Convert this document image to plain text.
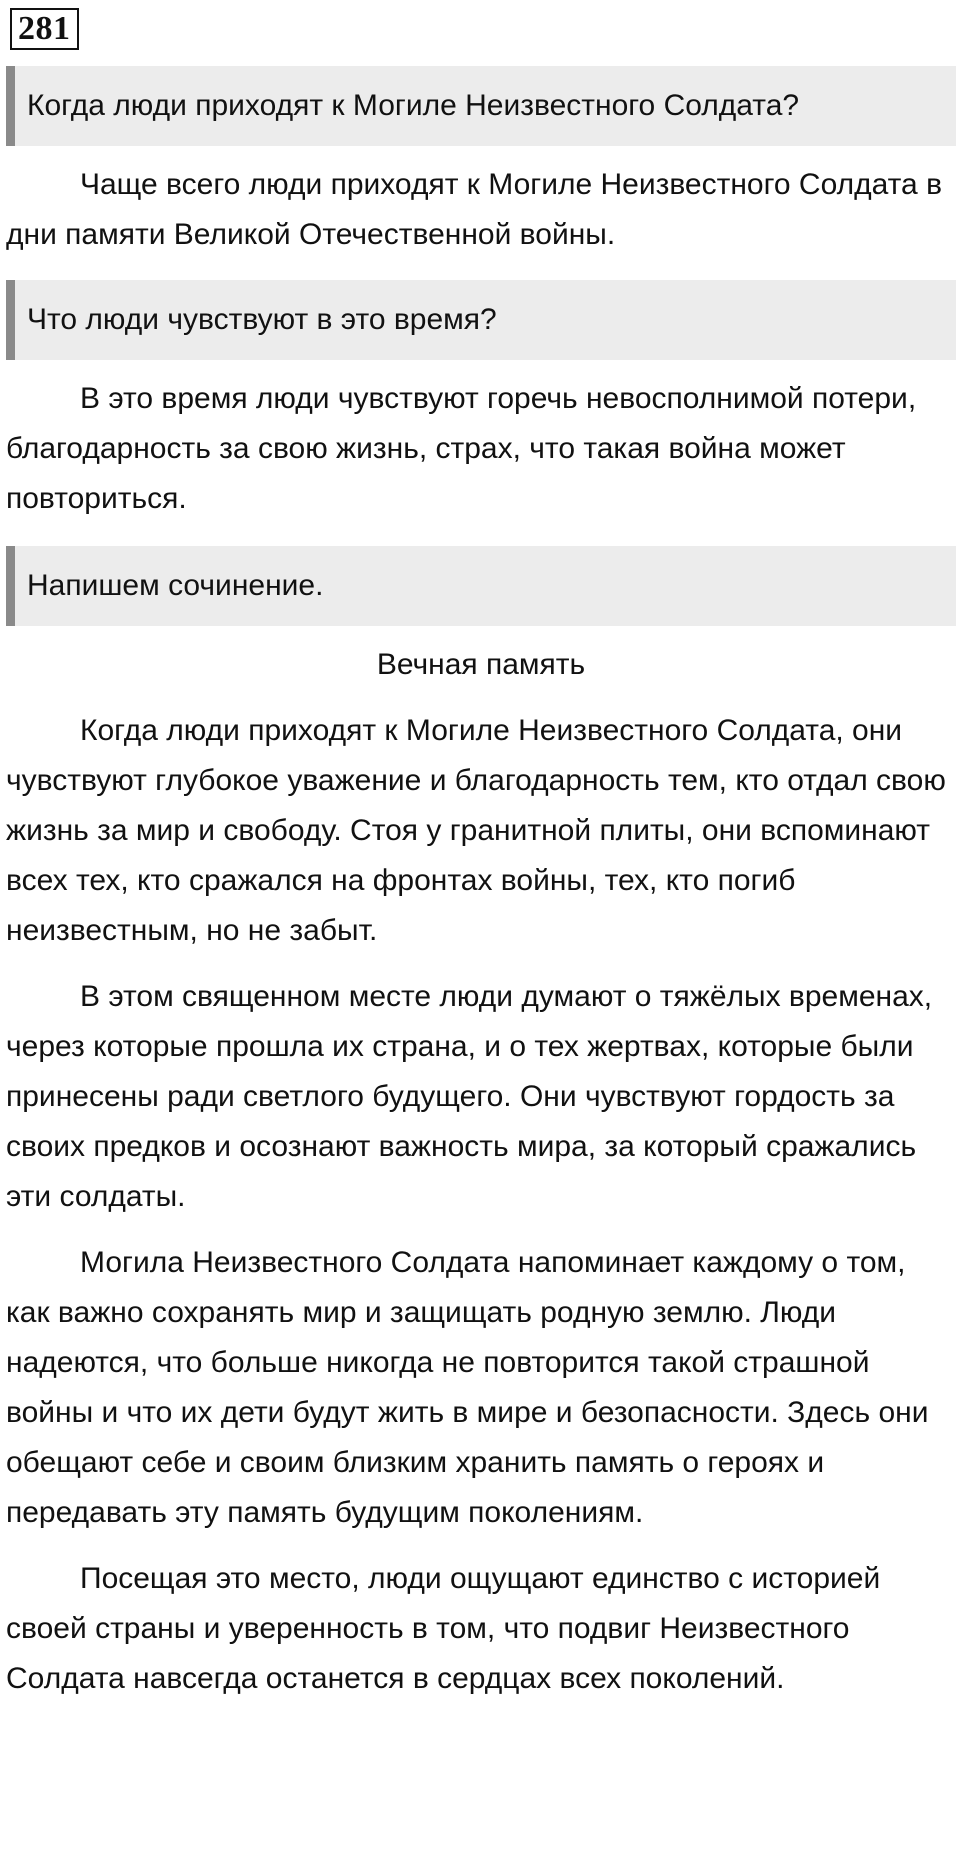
281
Когда люди приходят к Могиле Неизвестного Солдата?

Чаще всего люди приходят к Могиле Неизвестного Солдата в дни памяти Великой Отечественной войны.

Что люди чувствуют в это время?

В это время люди чувствуют горечь невосполнимой потери, благодарность за свою жизнь, страх, что такая война может повториться.

Напишем сочинение.
Вечная память

Когда люди приходят к Могиле Неизвестного Солдата, они чувствуют глубокое уважение и благодарность тем, кто отдал свою жизнь за мир и свободу. Стоя у гранитной плиты, они вспоминают всех тех, кто сражался на фронтах войны, тех, кто погиб неизвестным, но не забыт.

В этом священном месте люди думают о тяжёлых временах, через которые прошла их страна, и о тех жертвах, которые были принесены ради светлого будущего. Они чувствуют гордость за своих предков и осознают важность мира, за который сражались эти солдаты.

Могила Неизвестного Солдата напоминает каждому о том, как важно сохранять мир и защищать родную землю. Люди надеются, что больше никогда не повторится такой страшной войны и что их дети будут жить в мире и безопасности. Здесь они обещают себе и своим близким хранить память о героях и передавать эту память будущим поколениям.

Посещая это место, люди ощущают единство с историей своей страны и уверенность в том, что подвиг Неизвестного Солдата навсегда останется в сердцах всех поколений.
